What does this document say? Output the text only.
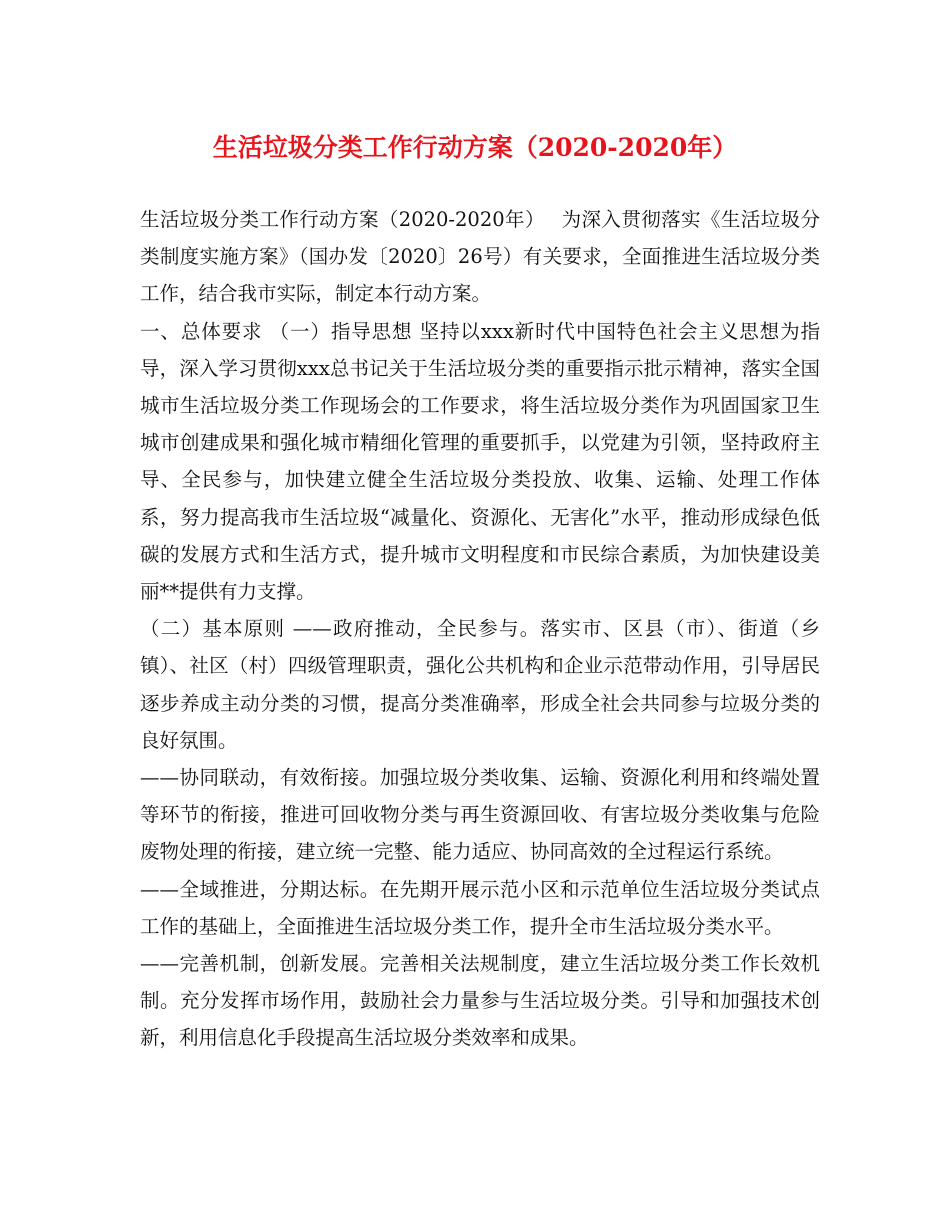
生活垃圾分类工作行动方案（2020-2020年）

生活垃圾分类工作行动方案（2020-2020年）　 为深入贯彻落实《生活垃圾分类制度实施方案》（国办发〔2020〕26号）有关要求，全面推进生活垃圾分类工作，结合我市实际，制定本行动方案。

一、总体要求 （一）指导思想 坚持以xxx新时代中国特色社会主义思想为指导，深入学习贯彻xxx总书记关于生活垃圾分类的重要指示批示精神，落实全国城市生活垃圾分类工作现场会的工作要求，将生活垃圾分类作为巩固国家卫生城市创建成果和强化城市精细化管理的重要抓手，以党建为引领，坚持政府主导、全民参与，加快建立健全生活垃圾分类投放、收集、运输、处理工作体系，努力提高我市生活垃圾“减量化、资源化、无害化”水平，推动形成绿色低碳的发展方式和生活方式，提升城市文明程度和市民综合素质，为加快建设美丽**提供有力支撑。

（二）基本原则 ——政府推动，全民参与。落实市、区县（市）、街道（乡镇）、社区（村）四级管理职责，强化公共机构和企业示范带动作用，引导居民逐步养成主动分类的习惯，提高分类准确率，形成全社会共同参与垃圾分类的良好氛围。

——协同联动，有效衔接。加强垃圾分类收集、运输、资源化利用和终端处置等环节的衔接，推进可回收物分类与再生资源回收、有害垃圾分类收集与危险废物处理的衔接，建立统一完整、能力适应、协同高效的全过程运行系统。

——全域推进，分期达标。在先期开展示范小区和示范单位生活垃圾分类试点工作的基础上，全面推进生活垃圾分类工作，提升全市生活垃圾分类水平。

——完善机制，创新发展。完善相关法规制度，建立生活垃圾分类工作长效机制。充分发挥市场作用，鼓励社会力量参与生活垃圾分类。引导和加强技术创新，利用信息化手段提高生活垃圾分类效率和成果。
